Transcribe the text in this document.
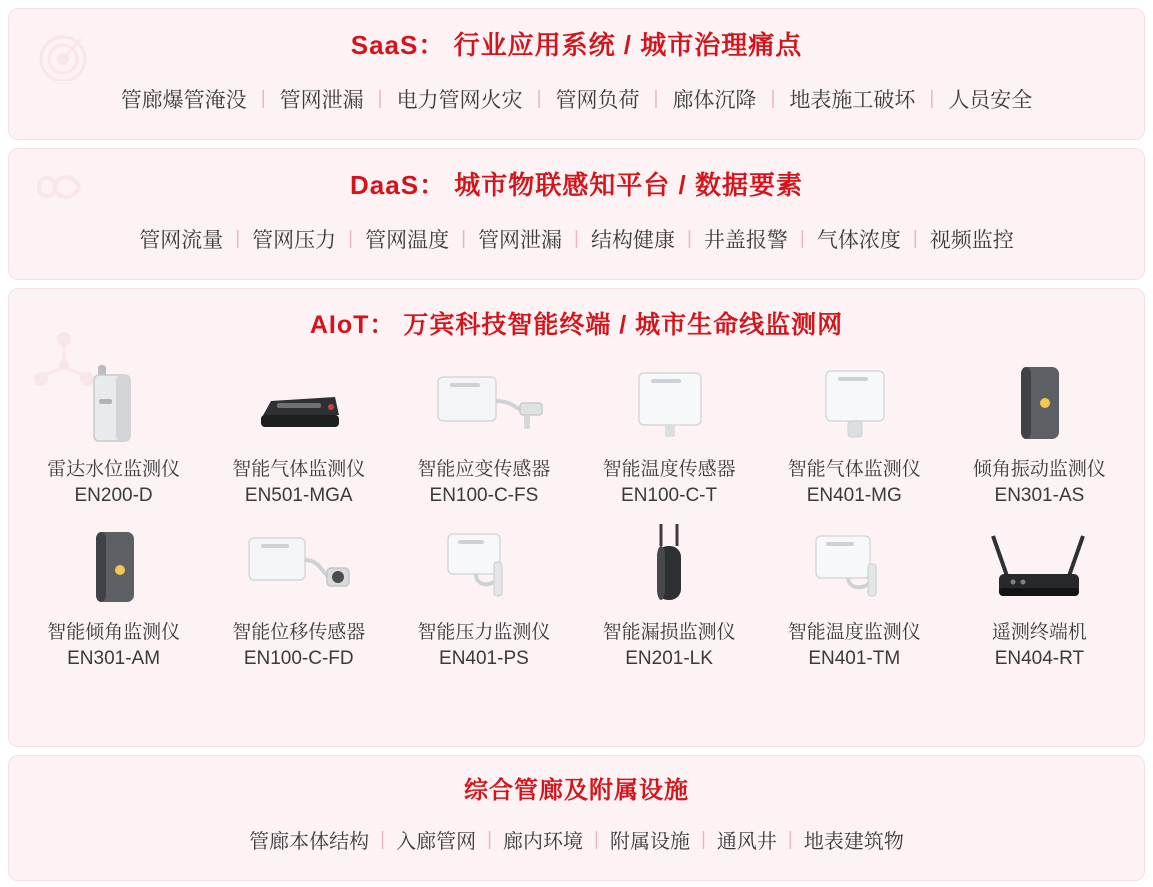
SaaS： 行业应用系统 / 城市治理痛点
管廊爆管淹没 | 管网泄漏 | 电力管网火灾 | 管网负荷 | 廊体沉降 | 地表施工破坏 | 人员安全
DaaS： 城市物联感知平台 / 数据要素
管网流量 | 管网压力 | 管网温度 | 管网泄漏 | 结构健康 | 井盖报警 | 气体浓度 | 视频监控
AIoT： 万宾科技智能终端 / 城市生命线监测网
雷达水位监测仪
EN200-D
智能气体监测仪
EN501-MGA
智能应变传感器
EN100-C-FS
智能温度传感器
EN100-C-T
智能气体监测仪
EN401-MG
倾角振动监测仪
EN301-AS
智能倾角监测仪
EN301-AM
智能位移传感器
EN100-C-FD
智能压力监测仪
EN401-PS
智能漏损监测仪
EN201-LK
智能温度监测仪
EN401-TM
遥测终端机
EN404-RT
综合管廊及附属设施
管廊本体结构 | 入廊管网 | 廊内环境 | 附属设施 | 通风井 | 地表建筑物
